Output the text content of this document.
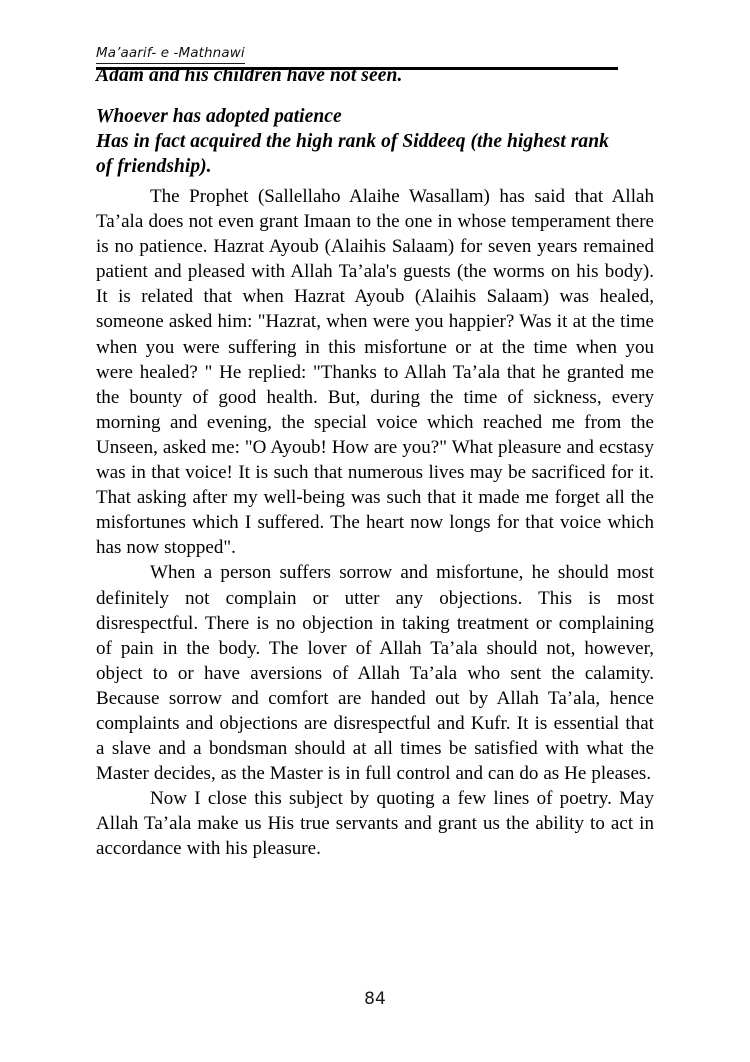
Ma’aarif- e -Mathnawi
Adam and his children have not seen.
Whoever has adopted patience
Has in fact acquired the high rank of Siddeeq (the highest rank
of friendship).

The Prophet (Sallellaho Alaihe Wasallam) has said that Allah Ta’ala does not even grant Imaan to the one in whose temperament there is no patience. Hazrat Ayoub (Alaihis Salaam) for seven years remained patient and pleased with Allah Ta’ala's guests (the worms on his body). It is related that when Hazrat Ayoub (Alaihis Salaam) was healed, someone asked him: "Hazrat, when were you happier? Was it at the time when you were suffering in this misfortune or at the time when you were healed? " He replied: "Thanks to Allah Ta’ala that he granted me the bounty of good health. But, during the time of sickness, every morning and evening, the special voice which reached me from the Unseen, asked me: "O Ayoub! How are you?" What pleasure and ecstasy was in that voice! It is such that numerous lives may be sacrificed for it. That asking after my well-being was such that it made me forget all the misfortunes which I suffered. The heart now longs for that voice which has now stopped".

When a person suffers sorrow and misfortune, he should most definitely not complain or utter any objections. This is most disrespectful. There is no objection in taking treatment or complaining of pain in the body. The lover of Allah Ta’ala should not, however, object to or have aversions of Allah Ta’ala who sent the calamity. Because sorrow and comfort are handed out by Allah Ta’ala, hence complaints and objections are disrespectful and Kufr. It is essential that a slave and a bondsman should at all times be satisfied with what the Master decides, as the Master is in full control and can do as He pleases.

Now I close this subject by quoting a few lines of poetry. May Allah Ta’ala make us His true servants and grant us the ability to act in accordance with his pleasure.

84
